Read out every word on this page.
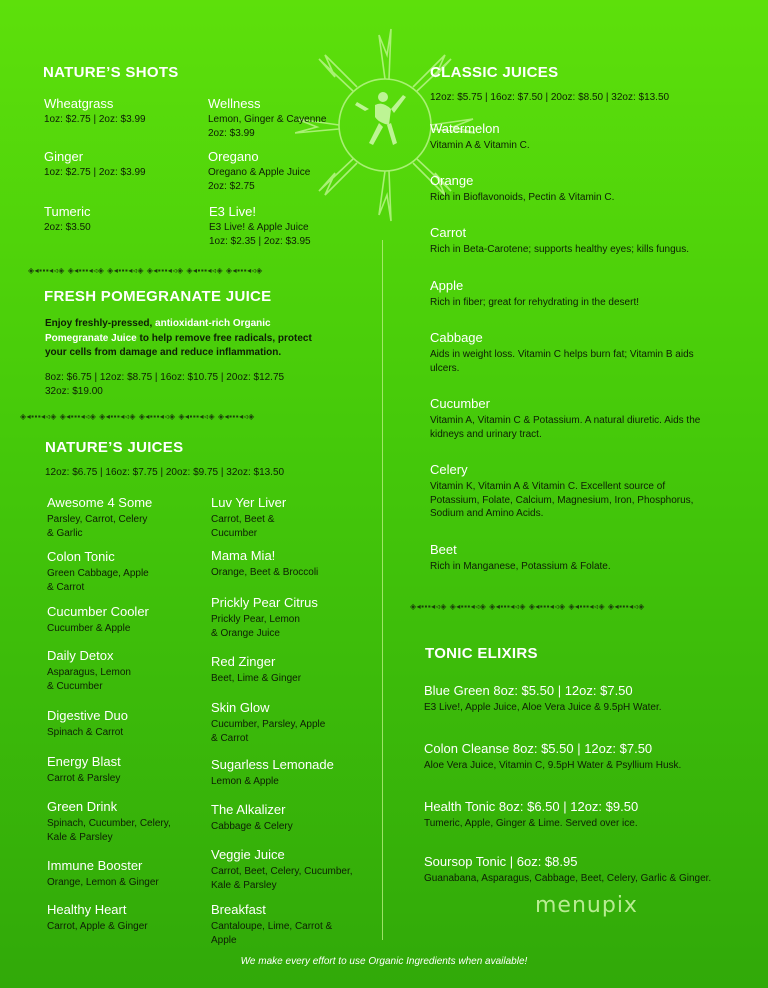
NATURE’S SHOTS
Wheatgrass
1oz: $2.75 | 2oz: $3.99
Wellness
Lemon, Ginger & Cayenne
2oz: $3.99
Ginger
1oz: $2.75 | 2oz: $3.99
Oregano
Oregano & Apple Juice
2oz: $2.75
Tumeric
2oz: $3.50
E3 Live!
E3 Live! & Apple Juice
1oz: $2.35 | 2oz: $3.95
◈◂▪▪▪◂◃◈ ◈◂▪▪▪◂◃◈ ◈◂▪▪▪◂◃◈ ◈◂▪▪▪◂◃◈ ◈◂▪▪▪◂◃◈ ◈◂▪▪▪◂◃◈
FRESH POMEGRANATE JUICE
Enjoy freshly-pressed, antioxidant-rich Organic Pomegranate Juice to help remove free radicals, protect your cells from damage and reduce inflammation.
8oz: $6.75 | 12oz: $8.75 | 16oz: $10.75 | 20oz: $12.75
32oz: $19.00
◈◂▪▪▪◂◃◈ ◈◂▪▪▪◂◃◈ ◈◂▪▪▪◂◃◈ ◈◂▪▪▪◂◃◈ ◈◂▪▪▪◂◃◈ ◈◂▪▪▪◂◃◈
NATURE’S JUICES
12oz: $6.75 | 16oz: $7.75 | 20oz: $9.75 | 32oz: $13.50
Awesome 4 Some
Parsley, Carrot, Celery
& Garlic
Colon Tonic
Green Cabbage, Apple
& Carrot
Cucumber Cooler
Cucumber & Apple
Daily Detox
Asparagus, Lemon
& Cucumber
Digestive Duo
Spinach & Carrot
Energy Blast
Carrot & Parsley
Green Drink
Spinach, Cucumber, Celery,
Kale & Parsley
Immune Booster
Orange, Lemon & Ginger
Healthy Heart
Carrot, Apple & Ginger
Luv Yer Liver
Carrot, Beet &
Cucumber
Mama Mia!
Orange, Beet & Broccoli
Prickly Pear Citrus
Prickly Pear, Lemon
& Orange Juice
Red Zinger
Beet, Lime & Ginger
Skin Glow
Cucumber, Parsley, Apple
& Carrot
Sugarless Lemonade
Lemon & Apple
The Alkalizer
Cabbage & Celery
Veggie Juice
Carrot, Beet, Celery, Cucumber,
Kale & Parsley
Breakfast
Cantaloupe, Lime, Carrot &
Apple
CLASSIC JUICES
12oz: $5.75 | 16oz: $7.50 | 20oz: $8.50 | 32oz: $13.50
Watermelon
Vitamin A & Vitamin C.
Orange
Rich in Bioflavonoids, Pectin & Vitamin C.
Carrot
Rich in Beta-Carotene; supports healthy eyes; kills fungus.
Apple
Rich in fiber; great for rehydrating in the desert!
Cabbage
Aids in weight loss. Vitamin C helps burn fat; Vitamin B aids
ulcers.
Cucumber
Vitamin A, Vitamin C & Potassium. A natural diuretic. Aids the
kidneys and urinary tract.
Celery
Vitamin K, Vitamin A & Vitamin C. Excellent source of
Potassium, Folate, Calcium, Magnesium, Iron, Phosphorus,
Sodium and Amino Acids.
Beet
Rich in Manganese, Potassium & Folate.
◈◂▪▪▪◂◃◈ ◈◂▪▪▪◂◃◈ ◈◂▪▪▪◂◃◈ ◈◂▪▪▪◂◃◈ ◈◂▪▪▪◂◃◈ ◈◂▪▪▪◂◃◈
TONIC ELIXIRS
Blue Green 8oz: $5.50 | 12oz: $7.50
E3 Live!, Apple Juice, Aloe Vera Juice & 9.5pH Water.
Colon Cleanse 8oz: $5.50 | 12oz: $7.50
Aloe Vera Juice, Vitamin C, 9.5pH Water & Psyllium Husk.
Health Tonic 8oz: $6.50 | 12oz: $9.50
Tumeric, Apple, Ginger & Lime. Served over ice.
Soursop Tonic | 6oz: $8.95
Guanabana, Asparagus, Cabbage, Beet, Celery, Garlic & Ginger.
menupix
We make every effort to use Organic Ingredients when available!
